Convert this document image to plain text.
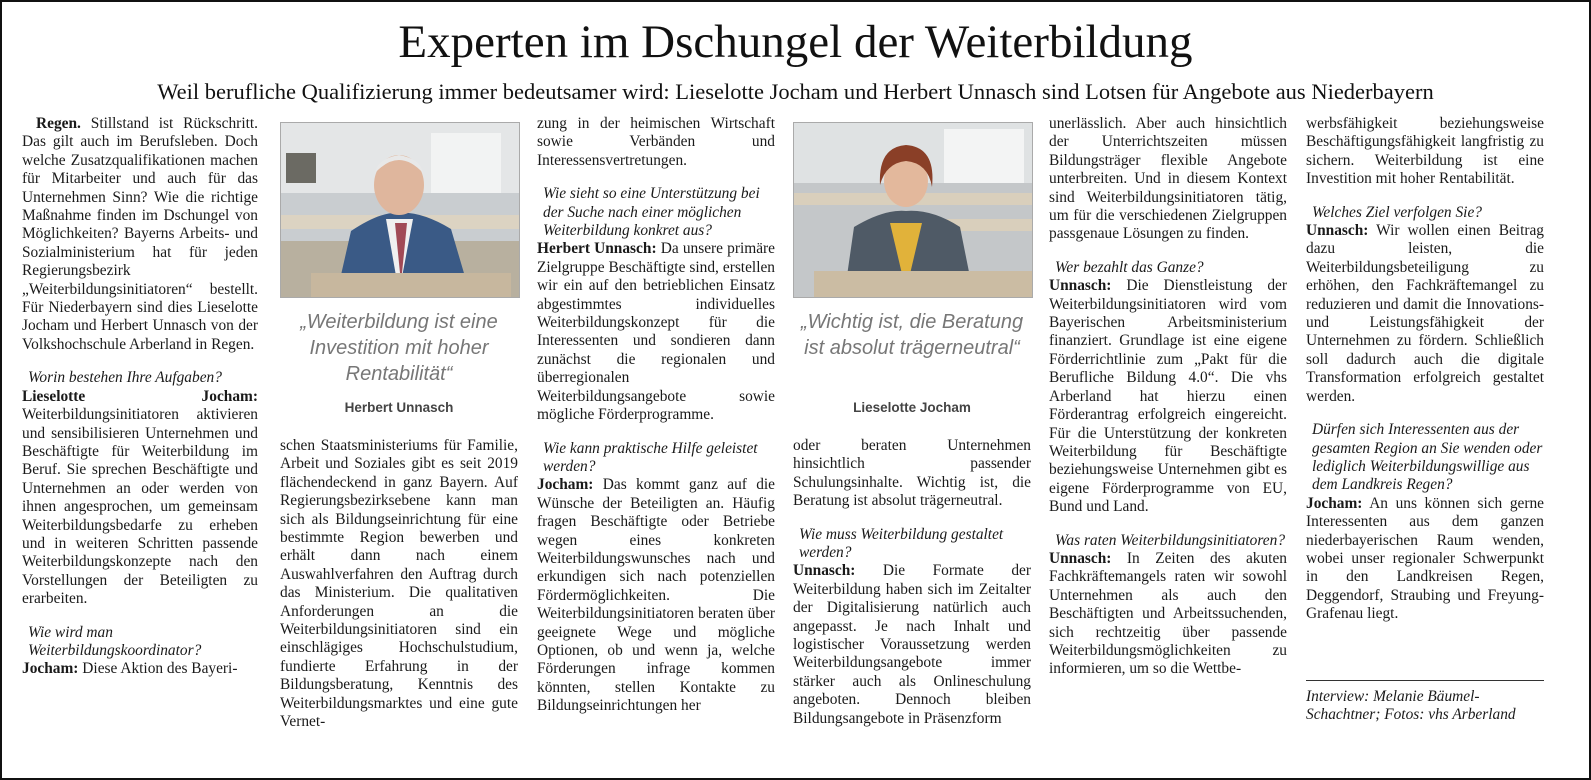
Experten im Dschungel der Weiterbildung
Weil berufliche Qualifizierung immer bedeutsamer wird: Lieselotte Jocham und Herbert Unnasch sind Lotsen für Angebote aus Niederbayern

Regen. Stillstand ist Rückschritt. Das gilt auch im Berufsleben. Doch welche Zusatzqualifikationen machen für Mitarbeiter und auch für das Unternehmen Sinn? Wie die richtige Maßnahme finden im Dschungel von Möglichkeiten? Bayerns Arbeits- und Sozialministerium hat für jeden Regierungsbezirk „Weiterbildungsinitiatoren“ bestellt. Für Niederbayern sind dies Lieselotte Jocham und Herbert Unnasch von der Volkshochschule Arberland in Regen.

Worin bestehen Ihre Aufgaben?

Lieselotte Jocham: Weiterbildungsinitiatoren aktivieren und sensibilisieren Unternehmen und Beschäftigte für Weiterbildung im Beruf. Sie sprechen Beschäftigte und Unternehmen an oder werden von ihnen angesprochen, um gemeinsam Weiterbildungsbedarfe zu erheben und in weiteren Schritten passende Weiterbildungskonzepte nach den Vorstellungen der Beteiligten zu erarbeiten.

Wie wird man Weiterbildungskoordinator?

Jocham: Diese Aktion des Bayeri-

„Weiterbildung ist eine Investition mit hoher Rentabilität“
Herbert Unnasch

schen Staatsministeriums für Familie, Arbeit und Soziales gibt es seit 2019 flächendeckend in ganz Bayern. Auf Regierungsbezirksebene kann man sich als Bildungseinrichtung für eine bestimmte Region bewerben und erhält dann nach einem Auswahlverfahren den Auftrag durch das Ministerium. Die qualitativen Anforderungen an die Weiterbildungsinitiatoren sind ein einschlägiges Hochschulstudium, fundierte Erfahrung in der Bildungsberatung, Kenntnis des Weiterbildungsmarktes und eine gute Vernet-

zung in der heimischen Wirtschaft sowie Verbänden und Interessensvertretungen.

Wie sieht so eine Unterstützung bei der Suche nach einer möglichen Weiterbildung konkret aus?

Herbert Unnasch: Da unsere primäre Zielgruppe Beschäftigte sind, erstellen wir ein auf den betrieblichen Einsatz abgestimmtes individuelles Weiterbildungskonzept für die Interessenten und sondieren dann zunächst die regionalen und überregionalen Weiterbildungsangebote sowie mögliche Förderprogramme.

Wie kann praktische Hilfe geleistet werden?

Jocham: Das kommt ganz auf die Wünsche der Beteiligten an. Häufig fragen Beschäftigte oder Betriebe wegen eines konkreten Weiterbildungswunsches nach und erkundigen sich nach potenziellen Fördermöglichkeiten. Die Weiterbildungsinitiatoren beraten über geeignete Wege und mögliche Optionen, ob und wenn ja, welche Förderungen infrage kommen könnten, stellen Kontakte zu Bildungseinrichtungen her

„Wichtig ist, die Beratung ist absolut trägerneutral“
Lieselotte Jocham

oder beraten Unternehmen hinsichtlich passender Schulungsinhalte. Wichtig ist, die Beratung ist absolut trägerneutral.

Wie muss Weiterbildung gestaltet werden?

Unnasch: Die Formate der Weiterbildung haben sich im Zeitalter der Digitalisierung natürlich auch angepasst. Je nach Inhalt und logistischer Voraussetzung werden Weiterbildungsangebote immer stärker auch als Onlineschulung angeboten. Dennoch bleiben Bildungsangebote in Präsenzform

unerlässlich. Aber auch hinsichtlich der Unterrichtszeiten müssen Bildungsträger flexible Angebote unterbreiten. Und in diesem Kontext sind Weiterbildungsinitiatoren tätig, um für die verschiedenen Zielgruppen passgenaue Lösungen zu finden.

Wer bezahlt das Ganze?

Unnasch: Die Dienstleistung der Weiterbildungsinitiatoren wird vom Bayerischen Arbeitsministerium finanziert. Grundlage ist eine eigene Förderrichtlinie zum „Pakt für die Berufliche Bildung 4.0“. Die vhs Arberland hat hierzu einen Förderantrag erfolgreich eingereicht. Für die Unterstützung der konkreten Weiterbildung für Beschäftigte beziehungsweise Unternehmen gibt es eigene Förderprogramme von EU, Bund und Land.

Was raten Weiterbildungsinitiatoren?

Unnasch: In Zeiten des akuten Fachkräftemangels raten wir sowohl Unternehmen als auch den Beschäftigten und Arbeitssuchenden, sich rechtzeitig über passende Weiterbildungsmöglichkeiten zu informieren, um so die Wettbe-

werbsfähigkeit beziehungsweise Beschäftigungsfähigkeit langfristig zu sichern. Weiterbildung ist eine Investition mit hoher Rentabilität.

Welches Ziel verfolgen Sie?

Unnasch: Wir wollen einen Beitrag dazu leisten, die Weiterbildungsbeteiligung zu erhöhen, den Fachkräftemangel zu reduzieren und damit die Innovations- und Leistungsfähigkeit der Unternehmen zu fördern. Schließlich soll dadurch auch die digitale Transformation erfolgreich gestaltet werden.

Dürfen sich Interessenten aus der gesamten Region an Sie wenden oder lediglich Weiterbildungswillige aus dem Landkreis Regen?

Jocham: An uns können sich gerne Interessenten aus dem ganzen niederbayerischen Raum wenden, wobei unser regionaler Schwerpunkt in den Landkreisen Regen, Deggendorf, Straubing und Freyung-Grafenau liegt.

Interview: Melanie Bäumel-Schachtner; Fotos: vhs Arberland
